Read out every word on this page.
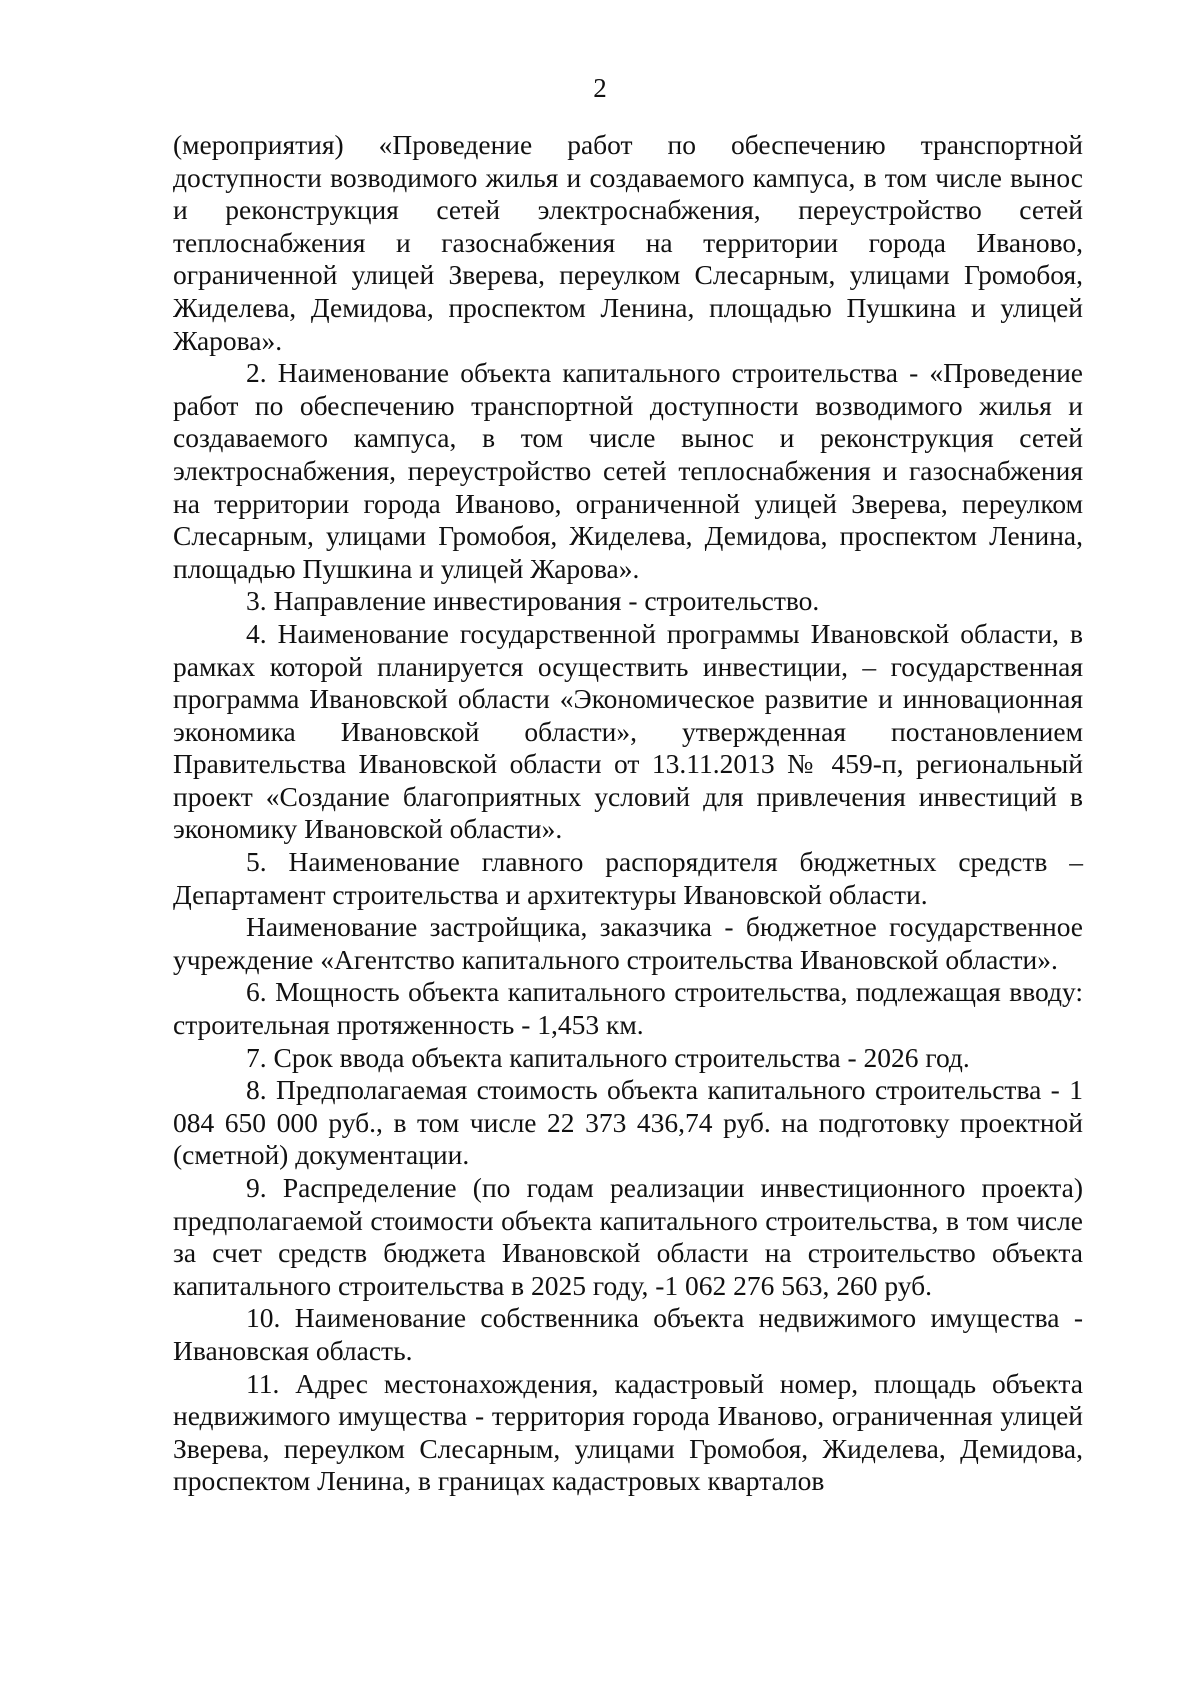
2

(мероприятия) «Проведение работ по обеспечению транспортной доступности возводимого жилья и создаваемого кампуса, в том числе вынос и реконструкция сетей электроснабжения, переустройство сетей теплоснабжения и газоснабжения на территории города Иваново, ограниченной улицей Зверева, переулком Слесарным, улицами Громобоя, Жиделева, Демидова, проспектом Ленина, площадью Пушкина и улицей Жарова».

2. Наименование объекта капитального строительства - «Проведение работ по обеспечению транспортной доступности возводимого жилья и создаваемого кампуса, в том числе вынос и реконструкция сетей электроснабжения, переустройство сетей теплоснабжения и газоснабжения на территории города Иваново, ограниченной улицей Зверева, переулком Слесарным, улицами Громобоя, Жиделева, Демидова, проспектом Ленина, площадью Пушкина и улицей Жарова».

3. Направление инвестирования - строительство.

4. Наименование государственной программы Ивановской области, в рамках которой планируется осуществить инвестиции, – государственная программа Ивановской области «Экономическое развитие и инновационная экономика Ивановской области», утвержденная постановлением Правительства Ивановской области от 13.11.2013 № 459-п, региональный проект «Создание благоприятных условий для привлечения инвестиций в экономику Ивановской области».

5. Наименование главного распорядителя бюджетных средств – Департамент строительства и архитектуры Ивановской области.

Наименование застройщика, заказчика - бюджетное государственное учреждение «Агентство капитального строительства Ивановской области».

6. Мощность объекта капитального строительства, подлежащая вводу: строительная протяженность - 1,453 км.

7. Срок ввода объекта капитального строительства - 2026 год.

8. Предполагаемая стоимость объекта капитального строительства - 1 084 650 000 руб., в том числе 22 373 436,74 руб. на подготовку проектной (сметной) документации.

9. Распределение (по годам реализации инвестиционного проекта) предполагаемой стоимости объекта капитального строительства, в том числе за счет средств бюджета Ивановской области на строительство объекта капитального строительства в 2025 году, -1 062 276 563, 260 руб.

10. Наименование собственника объекта недвижимого имущества - Ивановская область.

11. Адрес местонахождения, кадастровый номер, площадь объекта недвижимого имущества - территория города Иваново, ограниченная улицей Зверева, переулком Слесарным, улицами Громобоя, Жиделева, Демидова, проспектом Ленина, в границах кадастровых кварталов
